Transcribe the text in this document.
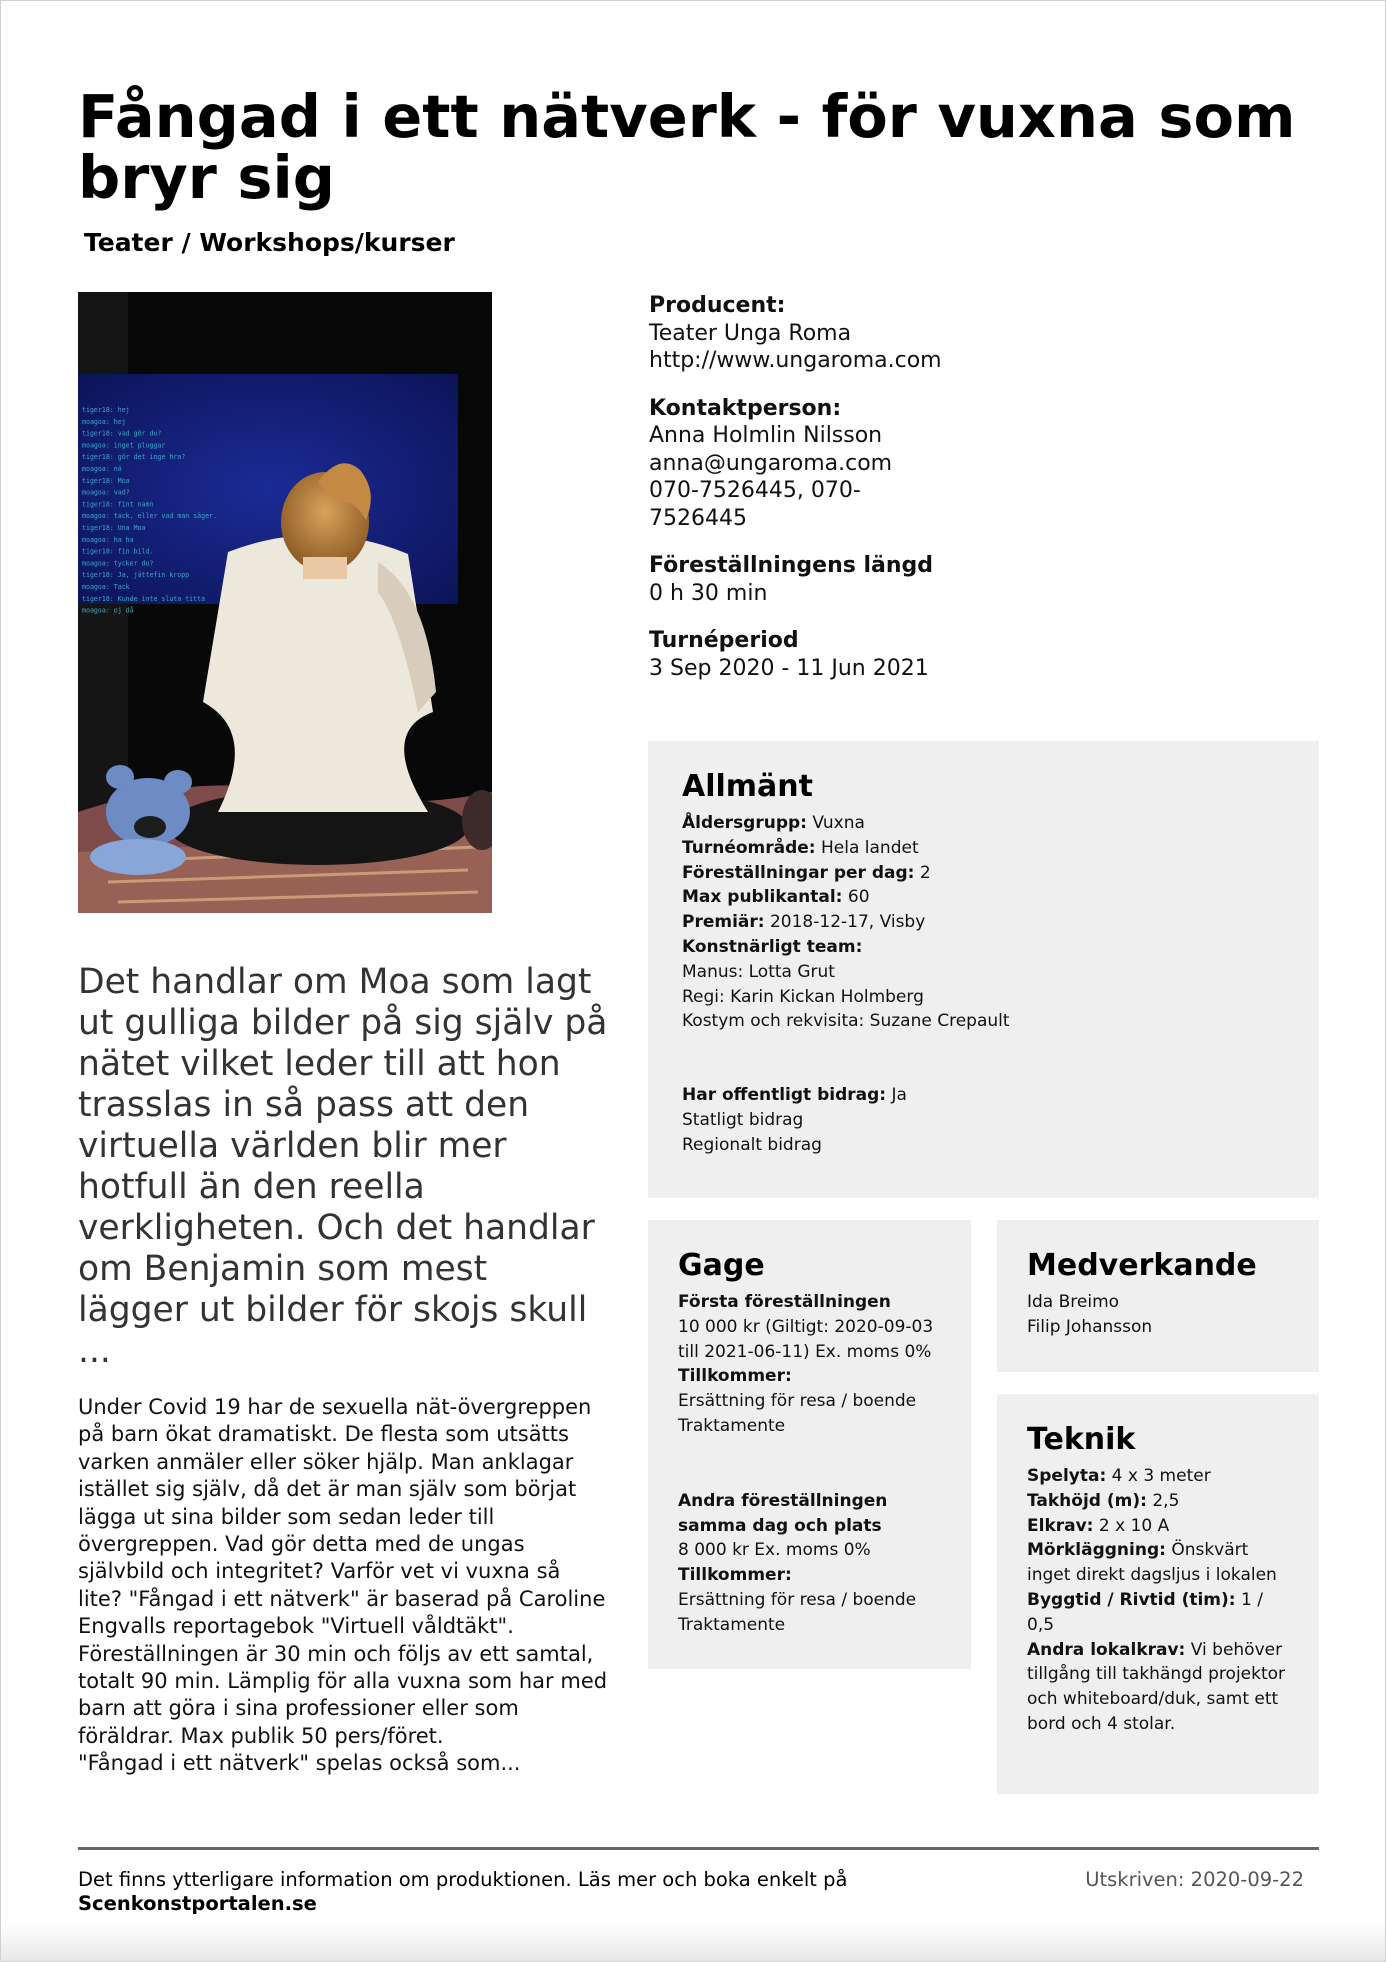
Fångad i ett nätverk - för vuxna som bryr sig
Teater / Workshops/kurser
tiger18: hej
moagoa: hej
tiger18: vad gör du?
moagoa: inget pluggar
tiger18: gör det inge hra?
moagoa: nä
tiger18: Moa
moagoa: vad?
tiger18: fint namn
moagoa: tack, eller vad man säger.
tiger18: Una Moa
moagoa: ha ha
tiger18: fin bild.
moagoa: tycker du?
tiger18: Ja, jättefin kropp
moagoa: Tack
tiger18: Kunde inte sluta titta
moagoa: oj då
Det handlar om Moa som lagt ut gulliga bilder på sig själv på nätet vilket leder till att hon trasslas in så pass att den virtuella världen blir mer hotfull än den reella verkligheten. Och det handlar om Benjamin som mest lägger ut bilder för skojs skull ...

Under Covid 19 har de sexuella nät-övergreppen på barn ökat dramatiskt. De flesta som utsätts varken anmäler eller söker hjälp. Man anklagar istället sig själv, då det är man själv som börjat lägga ut sina bilder som sedan leder till övergreppen. Vad gör detta med de ungas självbild och integritet? Varför vet vi vuxna så lite? "Fångad i ett nätverk" är baserad på Caroline Engvalls reportagebok "Virtuell våldtäkt". Föreställningen är 30 min och följs av ett samtal, totalt 90 min. Lämplig för alla vuxna som har med barn att göra i sina professioner eller som föräldrar. Max publik 50 pers/föret.

"Fångad i ett nätverk" spelas också som...

Producent:
Teater Unga Roma
http://www.ungaroma.com
Kontaktperson:
Anna Holmlin Nilsson
anna@ungaroma.com
070-7526445, 070-7526445
Föreställningens längd
0 h 30 min
Turnéperiod
3 Sep 2020 - 11 Jun 2021
Allmänt
Åldersgrupp: Vuxna
Turnéområde: Hela landet
Föreställningar per dag: 2
Max publikantal: 60
Premiär: 2018-12-17, Visby
Konstnärligt team:
Manus: Lotta Grut
Regi: Karin Kickan Holmberg
Kostym och rekvisita: Suzane Crepault
Har offentligt bidrag: Ja
Statligt bidrag
Regionalt bidrag
Gage
Första föreställningen
10 000 kr (Giltigt: 2020-09-03 till 2021-06-11) Ex. moms 0%
Tillkommer:
Ersättning för resa / boende
Traktamente
Andra föreställningen samma dag och plats
8 000 kr Ex. moms 0%
Tillkommer:
Ersättning för resa / boende
Traktamente
Medverkande
Ida Breimo
Filip Johansson
Teknik
Spelyta: 4 x 3 meter
Takhöjd (m): 2,5
Elkrav: 2 x 10 A
Mörkläggning: Önskvärt inget direkt dagsljus i lokalen
Byggtid / Rivtid (tim): 1 / 0,5
Andra lokalkrav: Vi behöver tillgång till takhängd projektor och whiteboard/duk, samt ett bord och 4 stolar.
Det finns ytterligare information om produktionen. Läs mer och boka enkelt på
Scenkonstportalen.se
Utskriven: 2020-09-22
